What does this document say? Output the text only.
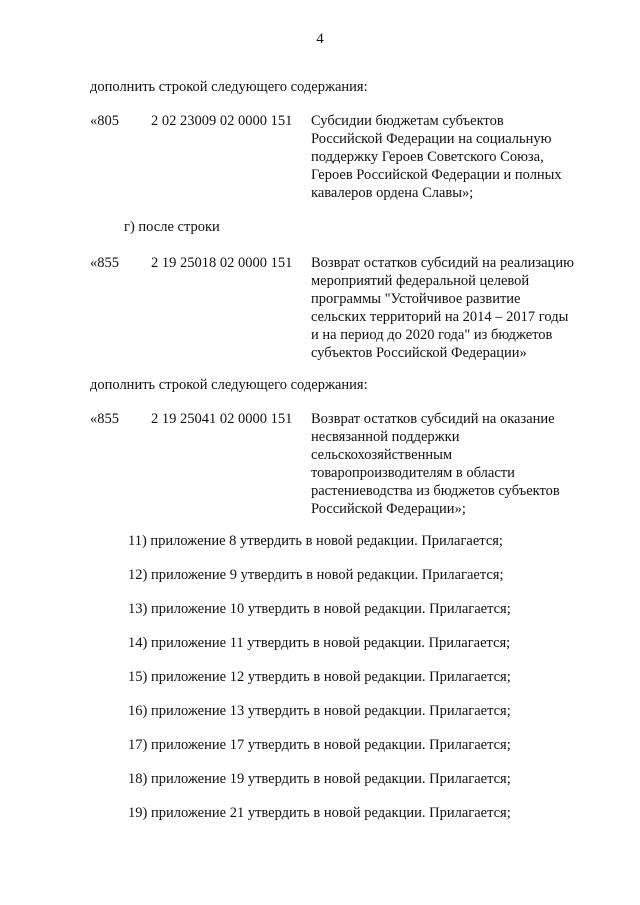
4
дополнить строкой следующего содержания:
«805 2 02 23009 02 0000 151 Субсидии бюджетам субъектов
Российской Федерации на социальную
поддержку Героев Советского Союза,
Героев Российской Федерации и полных
кавалеров ордена Славы»;
г) после строки
«855 2 19 25018 02 0000 151 Возврат остатков субсидий на реализацию
мероприятий федеральной целевой
программы "Устойчивое развитие
сельских территорий на 2014 – 2017 годы
и на период до 2020 года" из бюджетов
субъектов Российской Федерации»
дополнить строкой следующего содержания:
«855 2 19 25041 02 0000 151 Возврат остатков субсидий на оказание
несвязанной поддержки
сельскохозяйственным
товаропроизводителям в области
растениеводства из бюджетов субъектов
Российской Федерации»;
11) приложение 8 утвердить в новой редакции. Прилагается;
12) приложение 9 утвердить в новой редакции. Прилагается;
13) приложение 10 утвердить в новой редакции. Прилагается;
14) приложение 11 утвердить в новой редакции. Прилагается;
15) приложение 12 утвердить в новой редакции. Прилагается;
16) приложение 13 утвердить в новой редакции. Прилагается;
17) приложение 17 утвердить в новой редакции. Прилагается;
18) приложение 19 утвердить в новой редакции. Прилагается;
19) приложение 21 утвердить в новой редакции. Прилагается;
